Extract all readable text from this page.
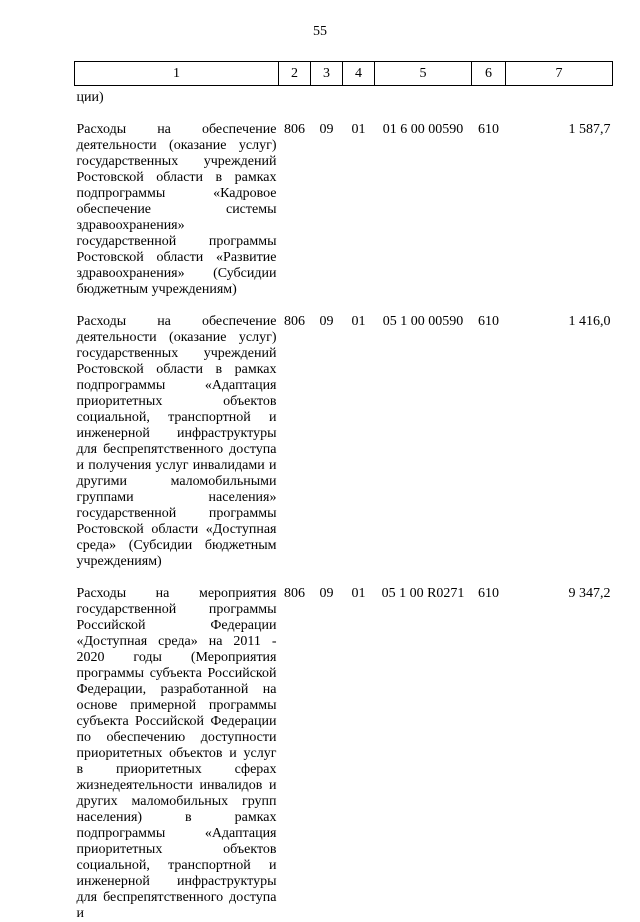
55
1	2	3	4	5	6	7
ции)						

Расходы на обеспечение деятельности (оказание услуг) государственных учреждений Ростовской области в рамках подпрограммы «Кадровое обеспечение системы здравоохранения» государственной программы Ростовской области «Развитие здравоохранения» (Субсидии бюджетным учреждениям)	806	09	01	01 6 00 00590	610	1 587,7

Расходы на обеспечение деятельности (оказание услуг) государственных учреждений Ростовской области в рамках подпрограммы «Адаптация приоритетных объектов социальной, транспортной и инженерной инфраструктуры для беспрепятственного доступа и получения услуг инвалидами и другими маломобильными группами населения» государственной программы Ростовской области «Доступная среда» (Субсидии бюджетным учреждениям)	806	09	01	05 1 00 00590	610	1 416,0

Расходы на мероприятия государственной программы Российской Федерации «Доступная среда» на 2011 - 2020 годы (Мероприятия программы субъекта Российской Федерации, разработанной на основе примерной программы субъекта Российской Федерации по обеспечению доступности приоритетных объектов и услуг в приоритетных сферах жизнедеятельности инвалидов и других маломобильных групп населения) в рамках подпрограммы «Адаптация приоритетных объектов социальной, транспортной и инженерной инфраструктуры для беспрепятственного доступа и	806	09	01	05 1 00 R0271	610	9 347,2
